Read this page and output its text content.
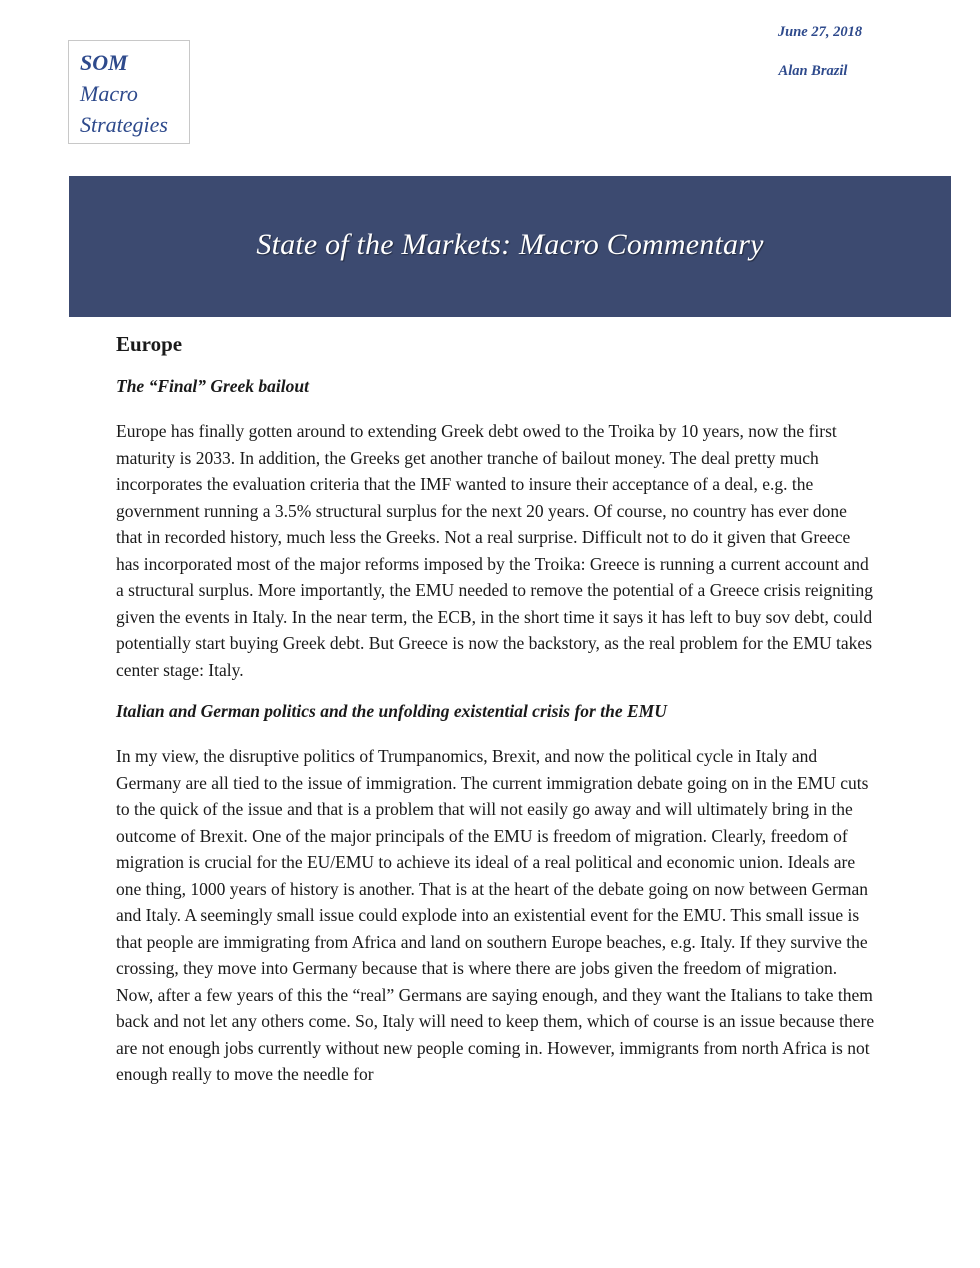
SOM
Macro
Strategies
June 27, 2018
Alan Brazil
State of the Markets: Macro Commentary
Europe
The “Final” Greek bailout

Europe has finally gotten around to extending Greek debt owed to the Troika by 10 years, now the first maturity is 2033. In addition, the Greeks get another tranche of bailout money. The deal pretty much incorporates the evaluation criteria that the IMF wanted to insure their acceptance of a deal, e.g. the government running a 3.5% structural surplus for the next 20 years. Of course, no country has ever done that in recorded history, much less the Greeks. Not a real surprise. Difficult not to do it given that Greece has incorporated most of the major reforms imposed by the Troika: Greece is running a current account and a structural surplus. More importantly, the EMU needed to remove the potential of a Greece crisis reigniting given the events in Italy. In the near term, the ECB, in the short time it says it has left to buy sov debt, could potentially start buying Greek debt. But Greece is now the backstory, as the real problem for the EMU takes center stage: Italy.

Italian and German politics and the unfolding existential crisis for the EMU

In my view, the disruptive politics of Trumpanomics, Brexit, and now the political cycle in Italy and Germany are all tied to the issue of immigration. The current immigration debate going on in the EMU cuts to the quick of the issue and that is a problem that will not easily go away and will ultimately bring in the outcome of Brexit. One of the major principals of the EMU is freedom of migration. Clearly, freedom of migration is crucial for the EU/EMU to achieve its ideal of a real political and economic union. Ideals are one thing, 1000 years of history is another. That is at the heart of the debate going on now between German and Italy. A seemingly small issue could explode into an existential event for the EMU. This small issue is that people are immigrating from Africa and land on southern Europe beaches, e.g. Italy. If they survive the crossing, they move into Germany because that is where there are jobs given the freedom of migration. Now, after a few years of this the “real” Germans are saying enough, and they want the Italians to take them back and not let any others come. So, Italy will need to keep them, which of course is an issue because there are not enough jobs currently without new people coming in. However, immigrants from north Africa is not enough really to move the needle for
